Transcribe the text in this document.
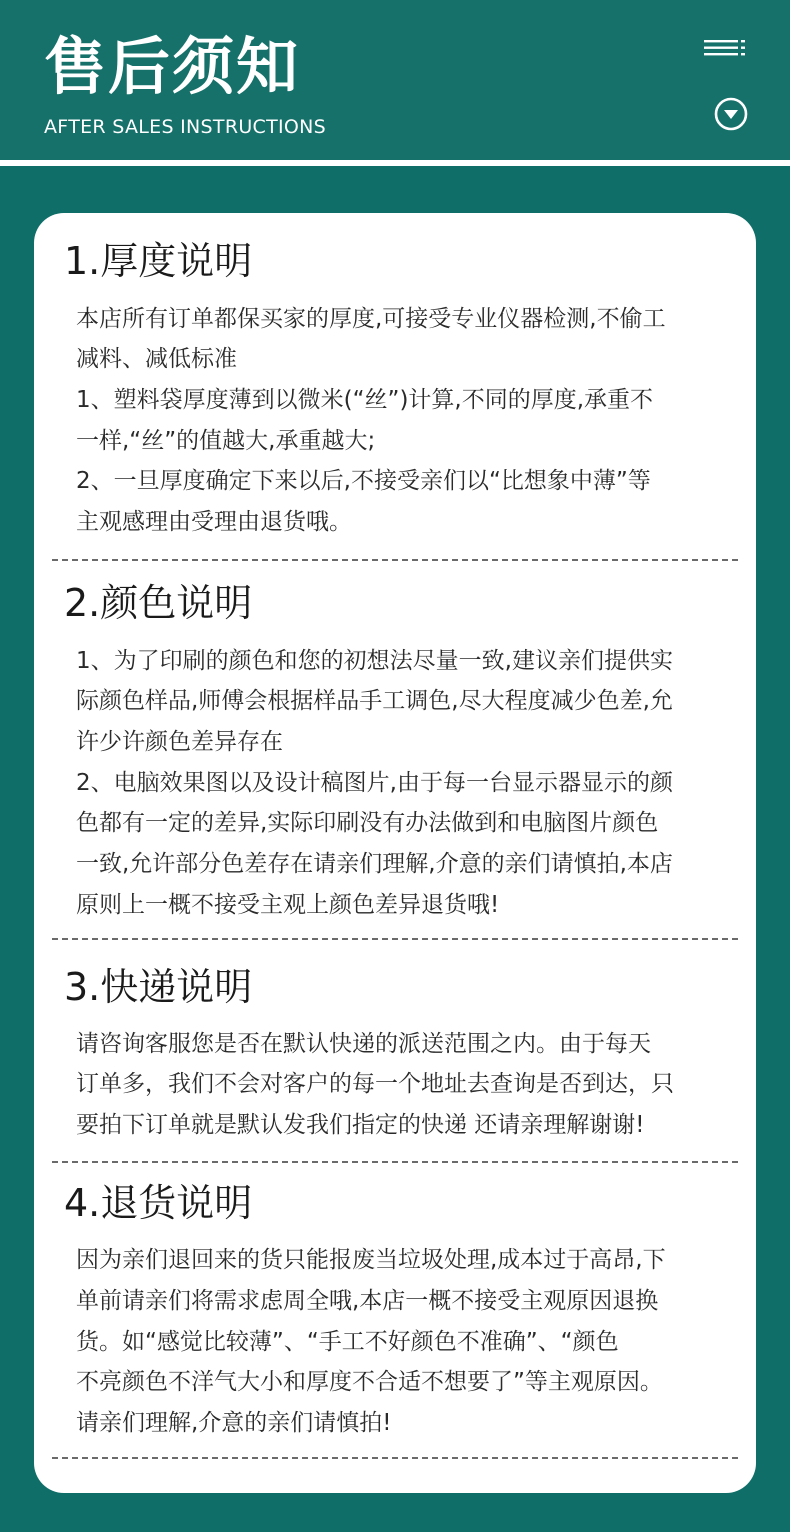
售后须知
AFTER SALES INSTRUCTIONS
1.厚度说明

本店所有订单都保买家的厚度,可接受专业仪器检测,不偷工

减料、减低标准

1、塑料袋厚度薄到以微米(“丝”)计算,不同的厚度,承重不

一样,“丝”的值越大,承重越大;

2、一旦厚度确定下来以后,不接受亲们以“比想象中薄”等

主观感理由受理由退货哦。

2.颜色说明

1、为了印刷的颜色和您的初想法尽量一致,建议亲们提供实

际颜色样品,师傅会根据样品手工调色,尽大程度减少色差,允

许少许颜色差异存在

2、电脑效果图以及设计稿图片,由于每一台显示器显示的颜

色都有一定的差异,实际印刷没有办法做到和电脑图片颜色

一致,允许部分色差存在请亲们理解,介意的亲们请慎拍,本店

原则上一概不接受主观上颜色差异退货哦!

3.快递说明

请咨询客服您是否在默认快递的派送范围之内。由于每天

订单多，我们不会对客户的每一个地址去查询是否到达，只

要拍下订单就是默认发我们指定的快递 还请亲理解谢谢!

4.退货说明

因为亲们退回来的货只能报废当垃圾处理,成本过于高昂,下

单前请亲们将需求虑周全哦,本店一概不接受主观原因退换

货。如“感觉比较薄”、“手工不好颜色不准确”、“颜色

不亮颜色不洋气大小和厚度不合适不想要了”等主观原因。

请亲们理解,介意的亲们请慎拍!
